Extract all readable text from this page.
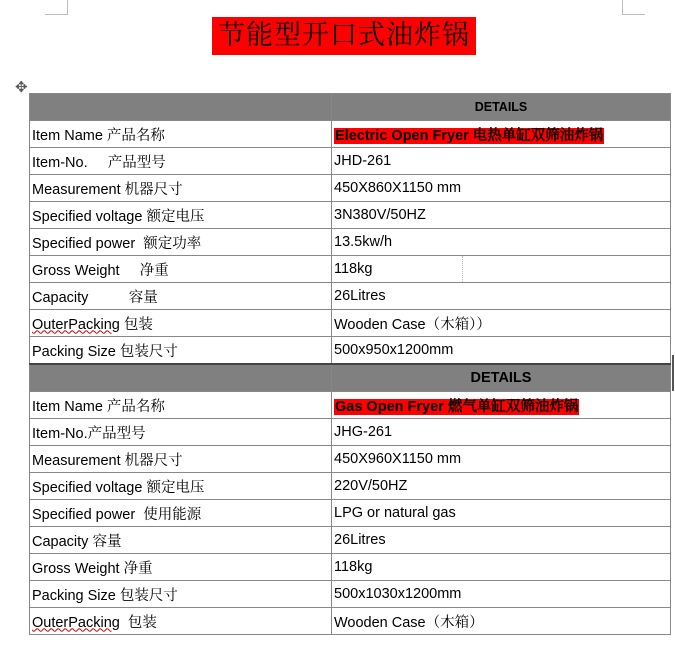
节能型开口式油炸锅
✥
	DETAILS
Item Name 产品名称	Electric Open Fryer 电热单缸双筛油炸锅
Item-No.     产品型号	JHD-261
Measurement 机器尺寸	450X860X1150 mm
Specified voltage 额定电压	3N380V/50HZ
Specified power  额定功率	13.5kw/h
Gross Weight     净重	118kg

Capacity          容量	26Litres
OuterPacking 包装	Wooden Case（木箱））
Packing Size 包装尺寸	500x950x1200mm
	DETAILS
Item Name 产品名称	Gas Open Fryer 燃气单缸双筛油炸锅
Item-No.产品型号	JHG-261
Measurement 机器尺寸	450X960X1150 mm
Specified voltage 额定电压	220V/50HZ
Specified power  使用能源	LPG or natural gas
Capacity 容量	26Litres
Gross Weight 净重	118kg
Packing Size 包装尺寸	500x1030x1200mm
OuterPacking  包装	Wooden Case（木箱）
